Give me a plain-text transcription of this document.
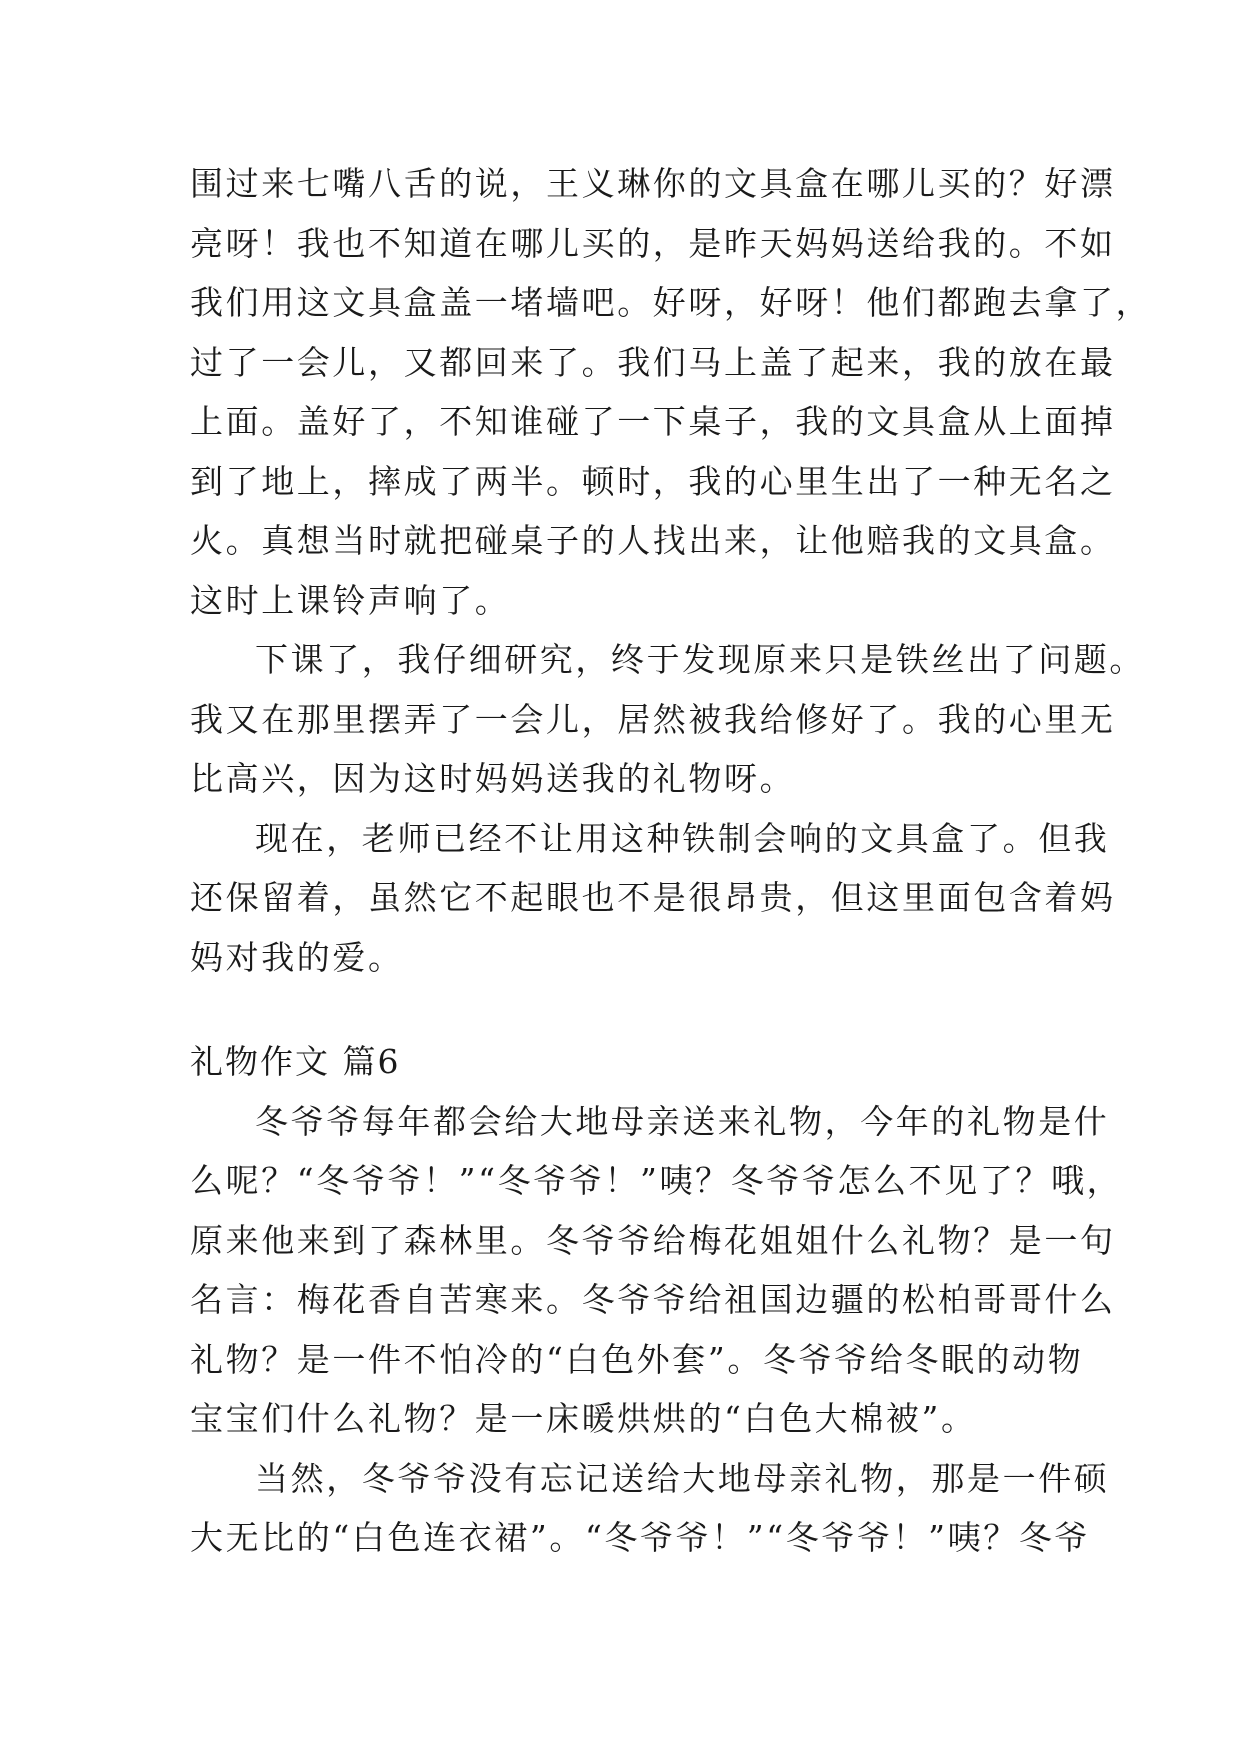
围过来七嘴八舌的说，王义琳你的文具盒在哪儿买的？好漂
亮呀！我也不知道在哪儿买的，是昨天妈妈送给我的。不如
我们用这文具盒盖一堵墙吧。好呀，好呀！他们都跑去拿了，
过了一会儿，又都回来了。我们马上盖了起来，我的放在最
上面。盖好了，不知谁碰了一下桌子，我的文具盒从上面掉
到了地上，摔成了两半。顿时，我的心里生出了一种无名之
火。真想当时就把碰桌子的人找出来，让他赔我的文具盒。
这时上课铃声响了。
下课了，我仔细研究，终于发现原来只是铁丝出了问题。
我又在那里摆弄了一会儿，居然被我给修好了。我的心里无
比高兴，因为这时妈妈送我的礼物呀。
现在，老师已经不让用这种铁制会响的文具盒了。但我
还保留着，虽然它不起眼也不是很昂贵，但这里面包含着妈
妈对我的爱。
礼物作文 篇6
冬爷爷每年都会给大地母亲送来礼物，今年的礼物是什
么呢？“冬爷爷！”“冬爷爷！”咦？冬爷爷怎么不见了？哦，
原来他来到了森林里。冬爷爷给梅花姐姐什么礼物？是一句
名言：梅花香自苦寒来。冬爷爷给祖国边疆的松柏哥哥什么
礼物？是一件不怕冷的“白色外套”。冬爷爷给冬眠的动物
宝宝们什么礼物？是一床暖烘烘的“白色大棉被”。
当然，冬爷爷没有忘记送给大地母亲礼物，那是一件硕
大无比的“白色连衣裙”。“冬爷爷！”“冬爷爷！”咦？冬爷
